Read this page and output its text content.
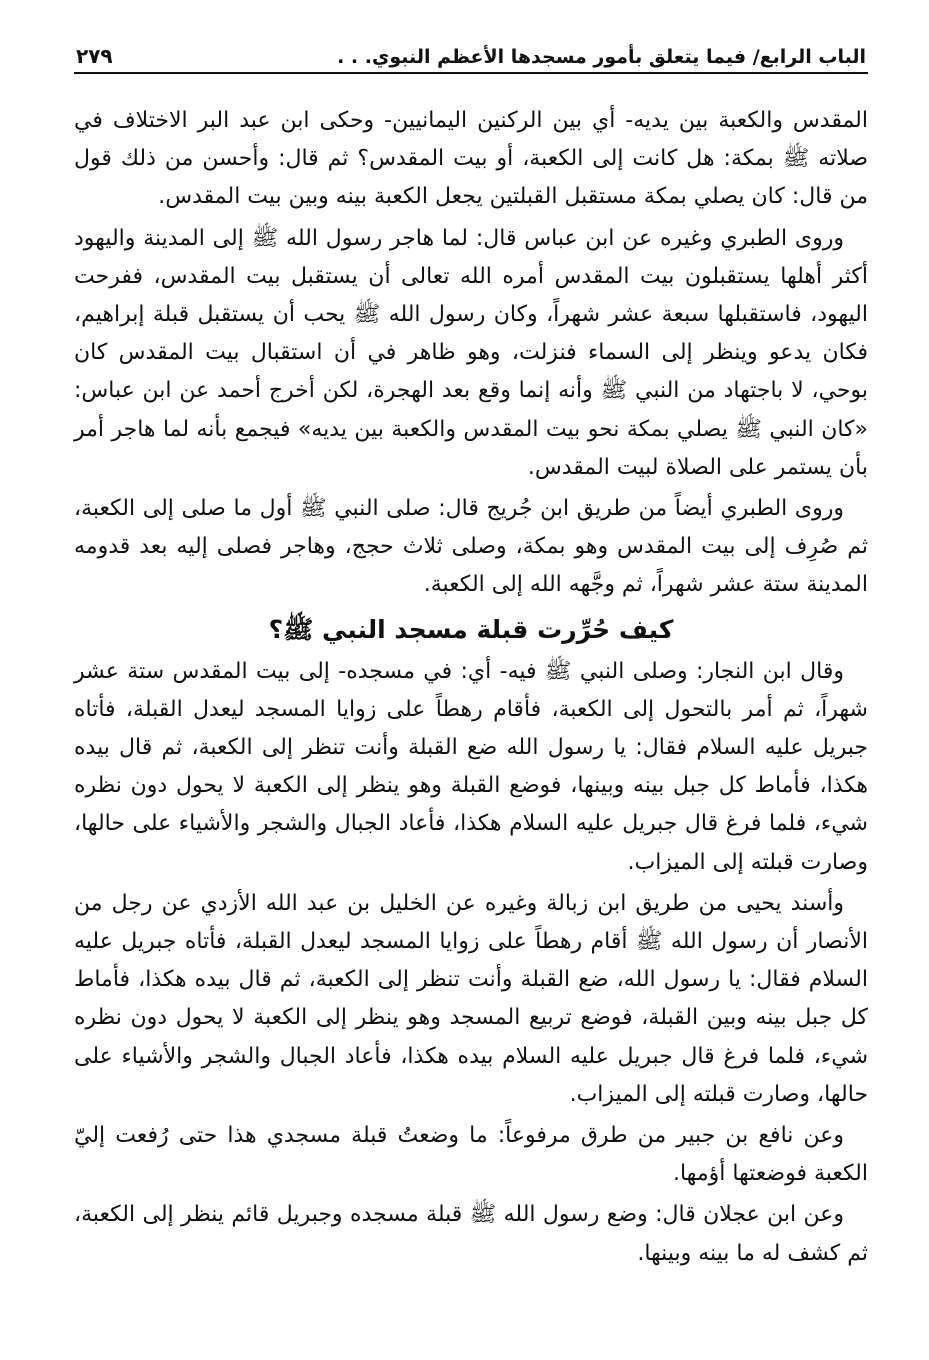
الباب الرابع/ فيما يتعلق بأمور مسجدها الأعظم النبوي. . .
٢٧٩

المقدس والكعبة بين يديه- أي بين الركنين اليمانيين- وحكى ابن عبد البر الاختلاف في صلاته ﷺ بمكة: هل كانت إلى الكعبة، أو بيت المقدس؟ ثم قال: وأحسن من ذلك قول من قال: كان يصلي بمكة مستقبل القبلتين يجعل الكعبة بينه وبين بيت المقدس.

وروى الطبري وغيره عن ابن عباس قال: لما هاجر رسول الله ﷺ إلى المدينة واليهود أكثر أهلها يستقبلون بيت المقدس أمره الله تعالى أن يستقبل بيت المقدس، ففرحت اليهود، فاستقبلها سبعة عشر شهراً، وكان رسول الله ﷺ يحب أن يستقبل قبلة إبراهيم، فكان يدعو وينظر إلى السماء فنزلت، وهو ظاهر في أن استقبال بيت المقدس كان بوحي، لا باجتهاد من النبي ﷺ وأنه إنما وقع بعد الهجرة، لكن أخرج أحمد عن ابن عباس: «كان النبي ﷺ يصلي بمكة نحو بيت المقدس والكعبة بين يديه» فيجمع بأنه لما هاجر أمر بأن يستمر على الصلاة لبيت المقدس.

وروى الطبري أيضاً من طريق ابن جُريج قال: صلى النبي ﷺ أول ما صلى إلى الكعبة، ثم صُرِف إلى بيت المقدس وهو بمكة، وصلى ثلاث حجج، وهاجر فصلى إليه بعد قدومه المدينة ستة عشر شهراً، ثم وجَّهه الله إلى الكعبة.

كيف حُرِّرت قبلة مسجد النبي ﷺ؟

وقال ابن النجار: وصلى النبي ﷺ فيه- أي: في مسجده- إلى بيت المقدس ستة عشر شهراً، ثم أمر بالتحول إلى الكعبة، فأقام رهطاً على زوايا المسجد ليعدل القبلة، فأتاه جبريل عليه السلام فقال: يا رسول الله ضع القبلة وأنت تنظر إلى الكعبة، ثم قال بيده هكذا، فأماط كل جبل بينه وبينها، فوضع القبلة وهو ينظر إلى الكعبة لا يحول دون نظره شيء، فلما فرغ قال جبريل عليه السلام هكذا، فأعاد الجبال والشجر والأشياء على حالها، وصارت قبلته إلى الميزاب.

وأسند يحيى من طريق ابن زبالة وغيره عن الخليل بن عبد الله الأزدي عن رجل من الأنصار أن رسول الله ﷺ أقام رهطاً على زوايا المسجد ليعدل القبلة، فأتاه جبريل عليه السلام فقال: يا رسول الله، ضع القبلة وأنت تنظر إلى الكعبة، ثم قال بيده هكذا، فأماط كل جبل بينه وبين القبلة، فوضع تربيع المسجد وهو ينظر إلى الكعبة لا يحول دون نظره شيء، فلما فرغ قال جبريل عليه السلام بيده هكذا، فأعاد الجبال والشجر والأشياء على حالها، وصارت قبلته إلى الميزاب.

وعن نافع بن جبير من طرق مرفوعاً: ما وضعتُ قبلة مسجدي هذا حتى رُفعت إليّ الكعبة فوضعتها أؤمها.

وعن ابن عجلان قال: وضع رسول الله ﷺ قبلة مسجده وجبريل قائم ينظر إلى الكعبة، ثم كشف له ما بينه وبينها.
